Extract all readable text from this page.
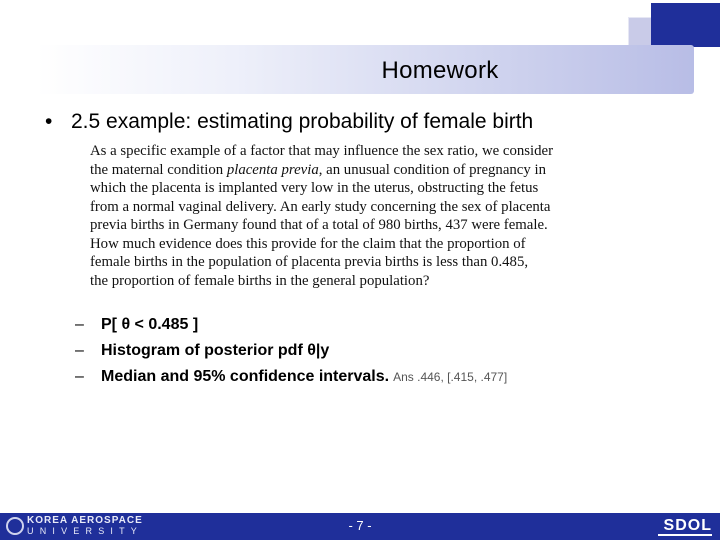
Homework
• 2.5 example: estimating probability of female birth
As a specific example of a factor that may influence the sex ratio, we consider
the maternal condition placenta previa, an unusual condition of pregnancy in
which the placenta is implanted very low in the uterus, obstructing the fetus
from a normal vaginal delivery. An early study concerning the sex of placenta
previa births in Germany found that of a total of 980 births, 437 were female.
How much evidence does this provide for the claim that the proportion of
female births in the population of placenta previa births is less than 0.485,
the proportion of female births in the general population?
– P[ θ < 0.485 ]
– Histogram of posterior pdf θ|y
– Median and 95% confidence intervals. Ans .446, [.415, .477]
KOREA AEROSPACE
UNIVERSITY	- 7 -	SDOL
